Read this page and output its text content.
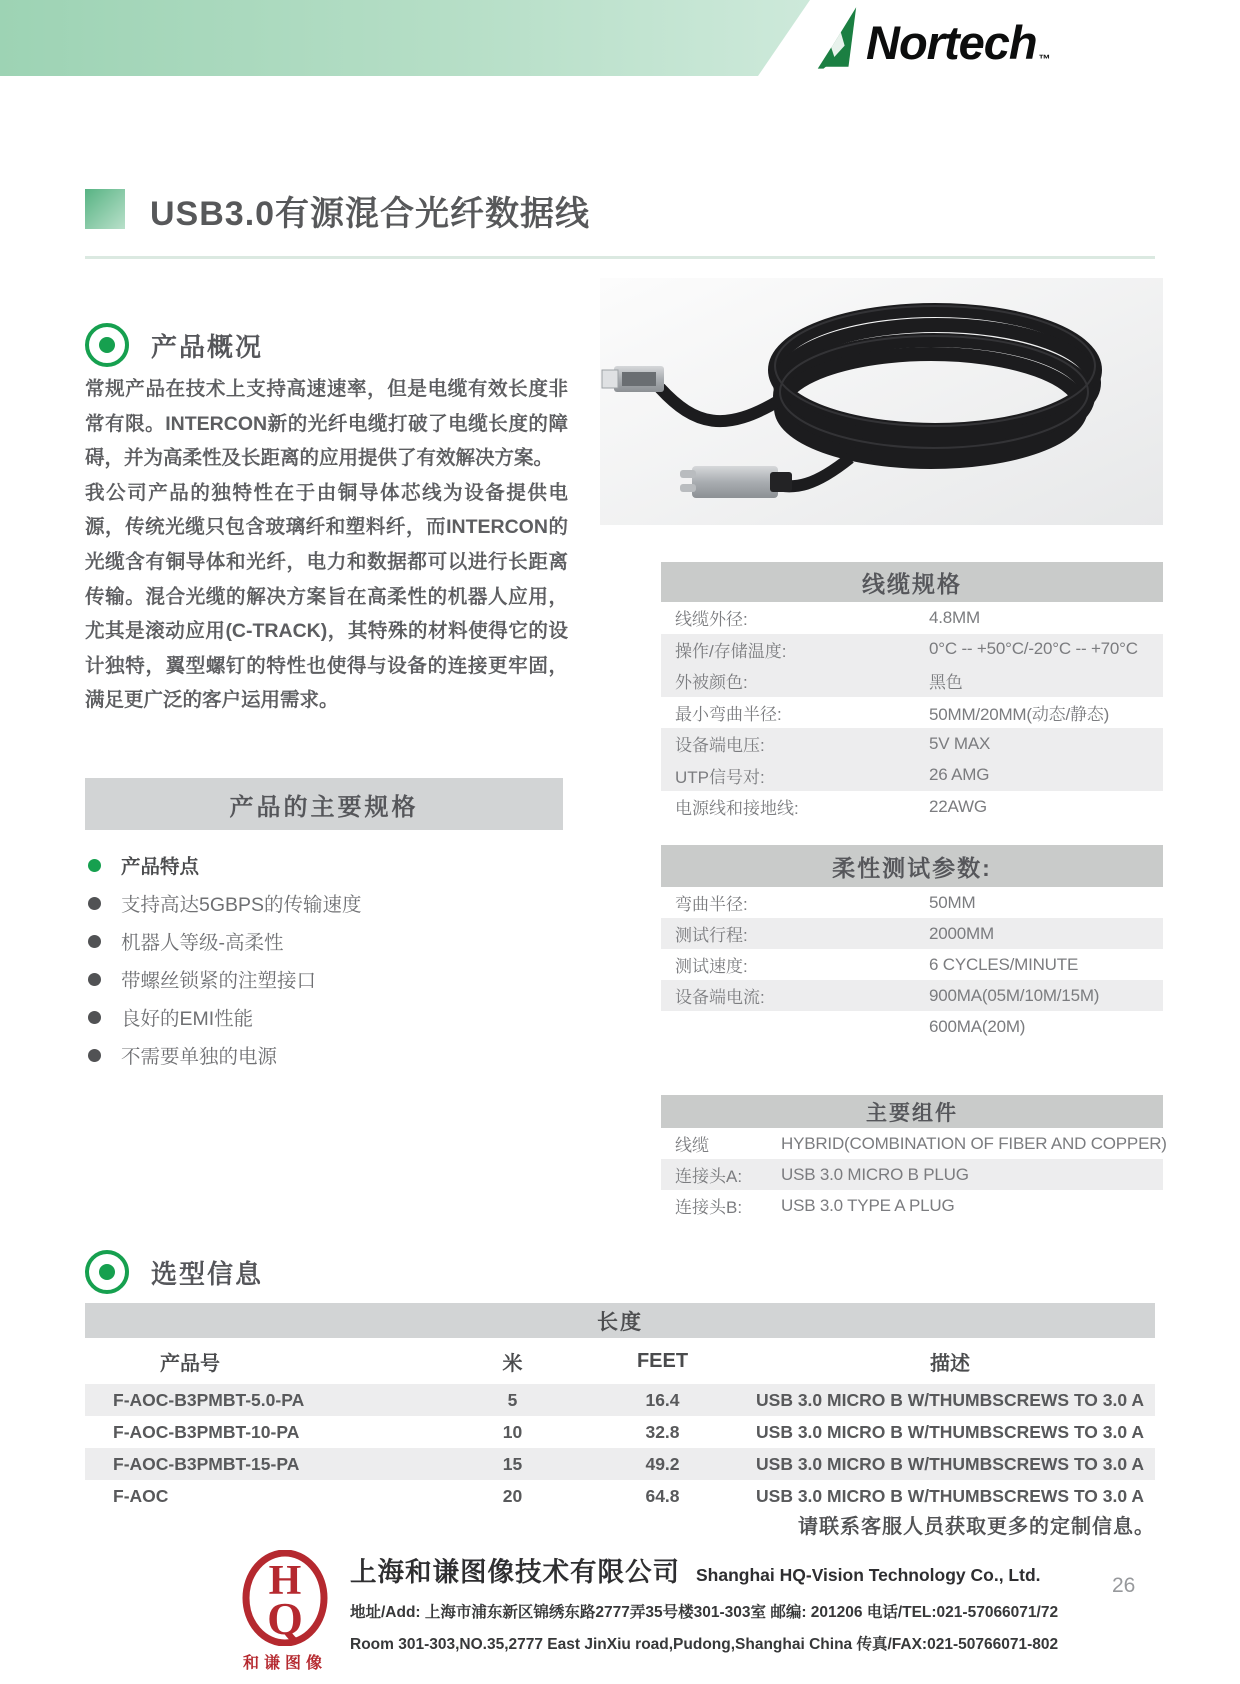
Nortech ™
USB3.0有源混合光纤数据线
产品概况

常规产品在技术上支持高速速率，但是电缆有效长度非常有限。INTERCON新的光纤电缆打破了电缆长度的障碍，并为高柔性及长距离的应用提供了有效解决方案。

我公司产品的独特性在于由铜导体芯线为设备提供电源，传统光缆只包含玻璃纤和塑料纤，而INTERCON的光缆含有铜导体和光纤，电力和数据都可以进行长距离传输。混合光缆的解决方案旨在高柔性的机器人应用，尤其是滚动应用(C-TRACK)，其特殊的材料使得它的设计独特，翼型螺钉的特性也使得与设备的连接更牢固，满足更广泛的客户运用需求。

产品的主要规格
产品特点
支持高达5GBPS的传输速度
机器人等级-高柔性
带螺丝锁紧的注塑接口
良好的EMI性能
不需要单独的电源
线缆规格
线缆外径:	4.8MM
操作/存储温度:	0°C -- +50°C/-20°C -- +70°C
外被颜色:	黑色
最小弯曲半径:	50MM/20MM(动态/静态)
设备端电压:	5V MAX
UTP信号对:	26 AMG
电源线和接地线:	22AWG
柔性测试参数:
弯曲半径:	50MM
测试行程:	2000MM
测试速度:	6 CYCLES/MINUTE
设备端电流:	900MA(05M/10M/15M)
600MA(20M)
主要组件
线缆	HYBRID(COMBINATION OF FIBER AND COPPER)
连接头A: USB 3.0 MICRO B PLUG
连接头B: USB 3.0 TYPE A PLUG
选型信息
长度
产品号	米	FEET	描述
F-AOC-B3PMBT-5.0-PA	5	16.4	USB 3.0 MICRO B W/THUMBSCREWS TO 3.0 A
F-AOC-B3PMBT-10-PA	10	32.8	USB 3.0 MICRO B W/THUMBSCREWS TO 3.0 A
F-AOC-B3PMBT-15-PA	15	49.2	USB 3.0 MICRO B W/THUMBSCREWS TO 3.0 A
F-AOC	20	64.8	USB 3.0 MICRO B W/THUMBSCREWS TO 3.0 A
请联系客服人员获取更多的定制信息。
H
Q
和谦图像
上海和谦图像技术有限公司 Shanghai HQ-Vision Technology Co., Ltd.
地址/Add: 上海市浦东新区锦绣东路2777弄35号楼301-303室 邮编: 201206 电话/TEL:021-57066071/72
Room 301-303,NO.35,2777 East JinXiu road,Pudong,Shanghai China 传真/FAX:021-50766071-802
26
